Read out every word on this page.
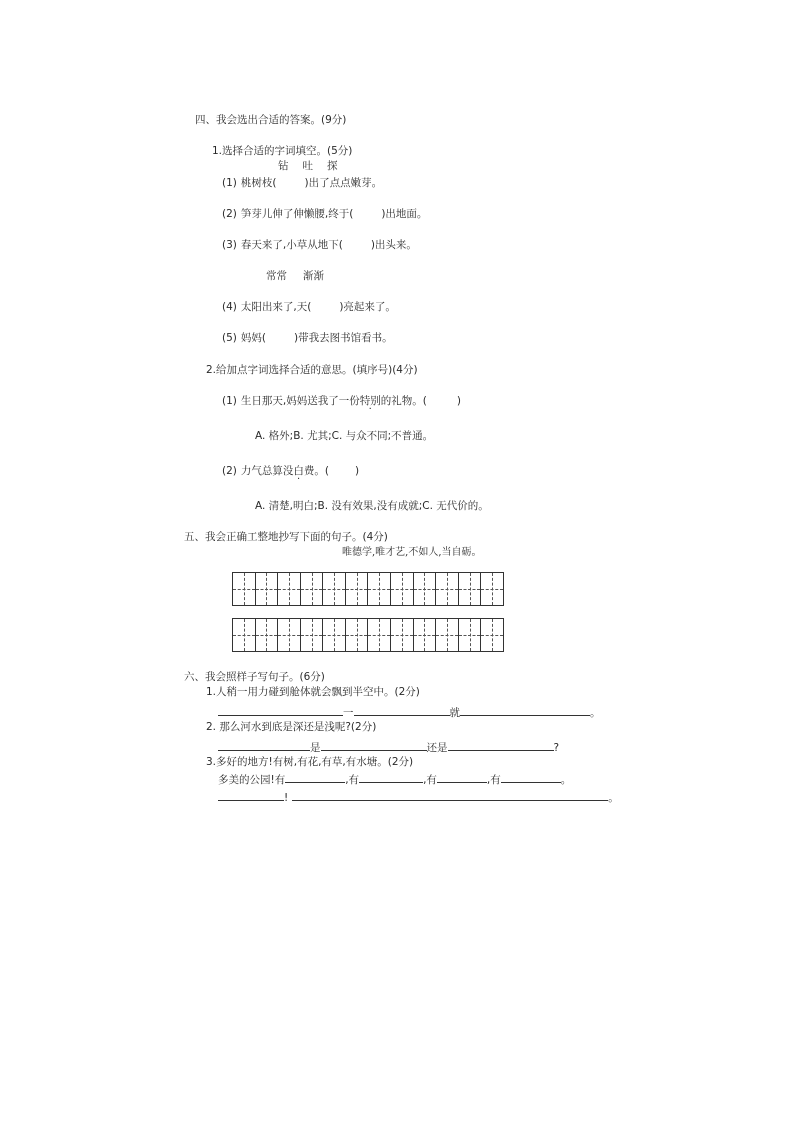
四、我会选出合适的答案。(9分)
1.选择合适的字词填空。(5分)
钻 吐 探
(1) 桃树枝(	)出了点点嫩芽。
(2) 笋芽儿伸了伸懒腰,终于(	)出地面。
(3) 春天来了,小草从地下(	)出头来。
常常 渐渐
(4) 太阳出来了,天(	)亮起来了。
(5) 妈妈(	)带我去图书馆看书。
2.给加点字词选择合适的意思。(填序号)(4分)
(1) 生日那天,妈妈送我了一份特别的礼物。(	)
A. 格外;B. 尤其;C. 与众不同;不普通。
(2) 力气总算没白费。( )
A. 清楚,明白;B. 没有效果,没有成就;C. 无代价的。
五、我会正确工整地抄写下面的句子。(4分)
唯德学,唯才艺,不如人,当自砺。
六、我会照样子写句子。(6分)
1.人稍一用力碰到舱体就会飘到半空中。(2分)
一	就	。
2. 那么河水到底是深还是浅呢?(2分)
是	还是	?
3.多好的地方!有树,有花,有草,有水塘。(2分)
多美的公园!有	,有	,有	,有	。
!	。
